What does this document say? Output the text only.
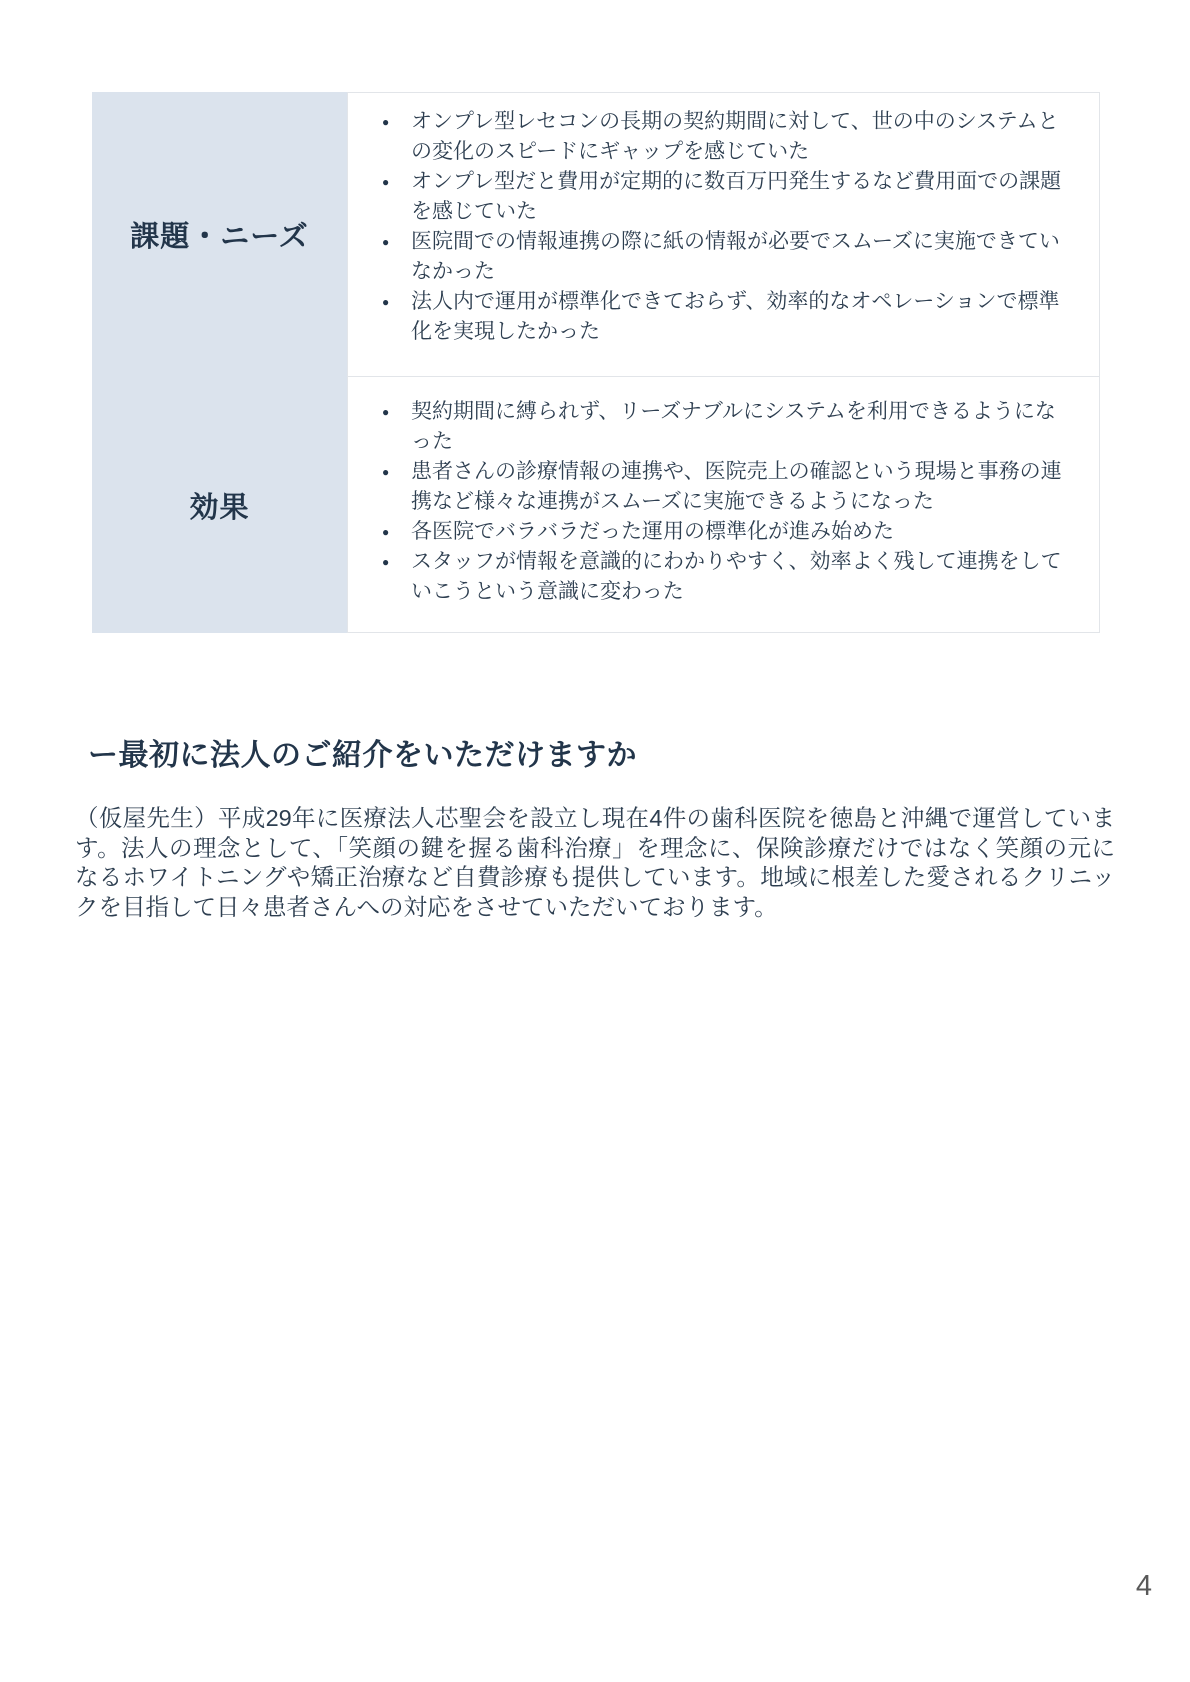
課題・ニーズ
● オンプレ型レセコンの長期の契約期間に対して、世の中のシステムとの変化のスピードにギャップを感じていた
● オンプレ型だと費用が定期的に数百万円発生するなど費用面での課題を感じていた
● 医院間での情報連携の際に紙の情報が必要でスムーズに実施できていなかった
● 法人内で運用が標準化できておらず、効率的なオペレーションで標準化を実現したかった
効果
● 契約期間に縛られず、リーズナブルにシステムを利用できるようになった
● 患者さんの診療情報の連携や、医院売上の確認という現場と事務の連携など様々な連携がスムーズに実施できるようになった
● 各医院でバラバラだった運用の標準化が進み始めた
● スタッフが情報を意識的にわかりやすく、効率よく残して連携をしていこうという意識に変わった
ー最初に法人のご紹介をいただけますか

（仮屋先生）平成29年に医療法人芯聖会を設立し現在4件の歯科医院を徳島と沖縄で運営しています。法人の理念として、「笑顔の鍵を握る歯科治療」を理念に、保険診療だけではなく笑顔の元になるホワイトニングや矯正治療など自費診療も提供しています。地域に根差した愛されるクリニックを目指して日々患者さんへの対応をさせていただいております。

4
